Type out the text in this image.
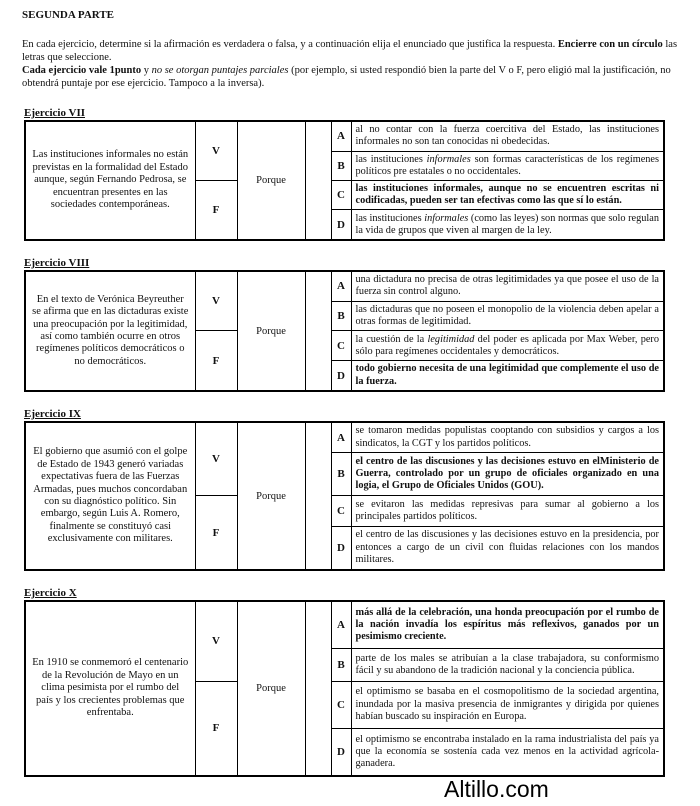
SEGUNDA PARTE
En cada ejercicio, determine si la afirmación es verdadera o falsa, y a continuación elija el enunciado que justifica la respuesta. Encierre con un círculo las letras que seleccione.
Cada ejercicio vale 1punto y no se otorgan puntajes parciales (por ejemplo, si usted respondió bien la parte del V o F, pero eligió mal la justificación, no obtendrá puntaje por ese ejercicio. Tampoco a la inversa).
Ejercicio VII
Las instituciones informales no están previstas en la formalidad del Estado aunque, según Fernando Pedrosa, se encuentran presentes en las sociedades contemporáneas.	V	Porque		A	al no contar con la fuerza coercitiva del Estado, las instituciones informales no son tan conocidas ni obedecidas.
				B	las instituciones informales son formas características de los regímenes políticos pre estatales o no occidentales.
	F			C	las instituciones informales, aunque no se encuentren escritas ni codificadas, pueden ser tan efectivas como las que sí lo están.
				D	las instituciones informales (como las leyes) son normas que solo regulan la vida de grupos que viven al margen de la ley.
Ejercicio VIII
En el texto de Verónica Beyreuther se afirma que en las dictaduras existe una preocupación por la legitimidad, así como también ocurre en otros regímenes políticos democráticos o no democráticos.	V	Porque		A	una dictadura no precisa de otras legitimidades ya que posee el uso de la fuerza sin control alguno.
				B	las dictaduras que no poseen el monopolio de la violencia deben apelar a otras formas de legitimidad.
	F			C	la cuestión de la legitimidad del poder es aplicada por Max Weber, pero sólo para regímenes occidentales y democráticos.
				D	todo gobierno necesita de una legitimidad que complemente el uso de la fuerza.
Ejercicio IX
El gobierno que asumió con el golpe de Estado de 1943 generó variadas expectativas fuera de las Fuerzas Armadas, pues muchos concordaban con su diagnóstico político. Sin embargo, según Luis A. Romero, finalmente se constituyó casi exclusivamente con militares.	V	Porque		A	se tomaron medidas populistas cooptando con subsidios y cargos a los sindicatos, la CGT y los partidos políticos.
				B	el centro de las discusiones y las decisiones estuvo en elMinisterio de Guerra, controlado por un grupo de oficiales organizado en una logia, el Grupo de Oficiales Unidos (GOU).
	F			C	se evitaron las medidas represivas para sumar al gobierno a los principales partidos políticos.
				D	el centro de las discusiones y las decisiones estuvo en la presidencia, por entonces a cargo de un civil con fluidas relaciones con los mandos militares.
Ejercicio X
En 1910 se conmemoró el centenario de la Revolución de Mayo en un clima pesimista por el rumbo del país y los crecientes problemas que enfrentaba.	V	Porque		A	más allá de la celebración, una honda preocupación por el rumbo de la nación invadía los espíritus más reflexivos, ganados por un pesimismo creciente.
				B	parte de los males se atribuían a la clase trabajadora, su conformismo fácil y su abandono de la tradición nacional y la conciencia pública.
	F			C	el optimismo se basaba en el cosmopolitismo de la sociedad argentina, inundada por la masiva presencia de inmigrantes y dirigida por quienes habían buscado su inspiración en Europa.
				D	el optimismo se encontraba instalado en la rama industrialista del país ya que la economía se sostenía cada vez menos en la actividad agrícola-ganadera.
Altillo.com
